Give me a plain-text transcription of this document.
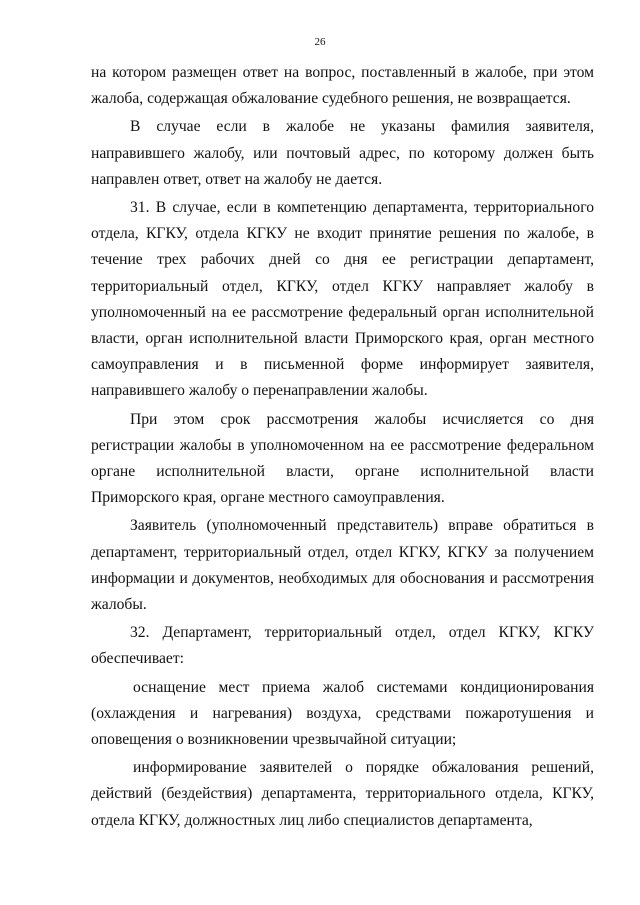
26

на котором размещен ответ на вопрос, поставленный в жалобе, при этом жалоба, содержащая обжалование судебного решения, не возвращается.

В случае если в жалобе не указаны фамилия заявителя, направившего жалобу, или почтовый адрес, по которому должен быть направлен ответ, ответ на жалобу не дается.

31. В случае, если в компетенцию департамента, территориального отдела, КГКУ, отдела КГКУ не входит принятие решения по жалобе, в течение трех рабочих дней со дня ее регистрации департамент, территориальный отдел, КГКУ, отдел КГКУ направляет жалобу в уполномоченный на ее рассмотрение федеральный орган исполнительной власти, орган исполнительной власти Приморского края, орган местного самоуправления и в письменной форме информирует заявителя, направившего жалобу о перенаправлении жалобы.

При этом срок рассмотрения жалобы исчисляется со дня регистрации жалобы в уполномоченном на ее рассмотрение федеральном органе исполнительной власти, органе исполнительной власти Приморского края, органе местного самоуправления.

Заявитель (уполномоченный представитель) вправе обратиться в департамент, территориальный отдел, отдел КГКУ, КГКУ за получением информации и документов, необходимых для обоснования и рассмотрения жалобы.

32. Департамент, территориальный отдел, отдел КГКУ, КГКУ обеспечивает:

оснащение мест приема жалоб системами кондиционирования (охлаждения и нагревания) воздуха, средствами пожаротушения и оповещения о возникновении чрезвычайной ситуации;

информирование заявителей о порядке обжалования решений, действий (бездействия) департамента, территориального отдела, КГКУ, отдела КГКУ, должностных лиц либо специалистов департамента,
